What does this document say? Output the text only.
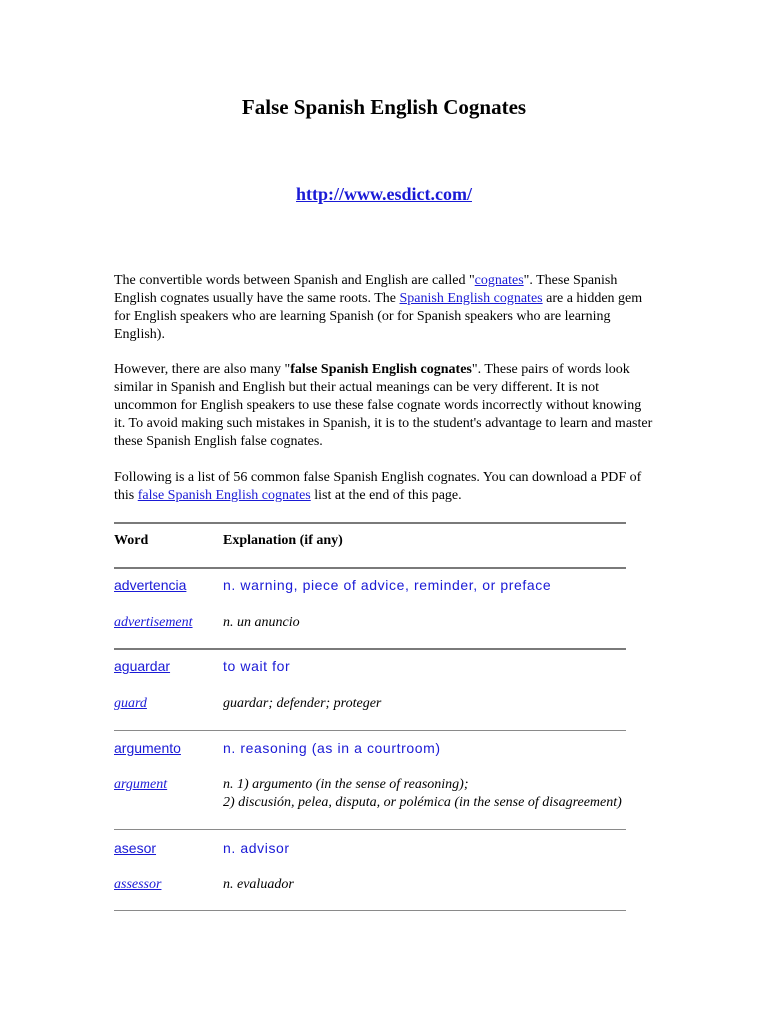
False Spanish English Cognates
http://www.esdict.com/

The convertible words between Spanish and English are called "cognates". These Spanish English cognates usually have the same roots. The Spanish English cognates are a hidden gem for English speakers who are learning Spanish (or for Spanish speakers who are learning English).

However, there are also many "false Spanish English cognates". These pairs of words look similar in Spanish and English but their actual meanings can be very different. It is not uncommon for English speakers to use these false cognate words incorrectly without knowing it. To avoid making such mistakes in Spanish, it is to the student's advantage to learn and master these Spanish English false cognates.

Following is a list of 56 common false Spanish English cognates. You can download a PDF of this false Spanish English cognates list at the end of this page.

Word	Explanation (if any)
advertencia	n. warning, piece of advice, reminder, or preface
advertisement n. un anuncio
aguardar	to wait for
guard	guardar; defender; proteger
argumento	n. reasoning (as in a courtroom)
argument	n. 1) argumento (in the sense of reasoning);
2) discusión, pelea, disputa, or polémica (in the sense of disagreement)
asesor	n. advisor
assessor	n. evaluador
